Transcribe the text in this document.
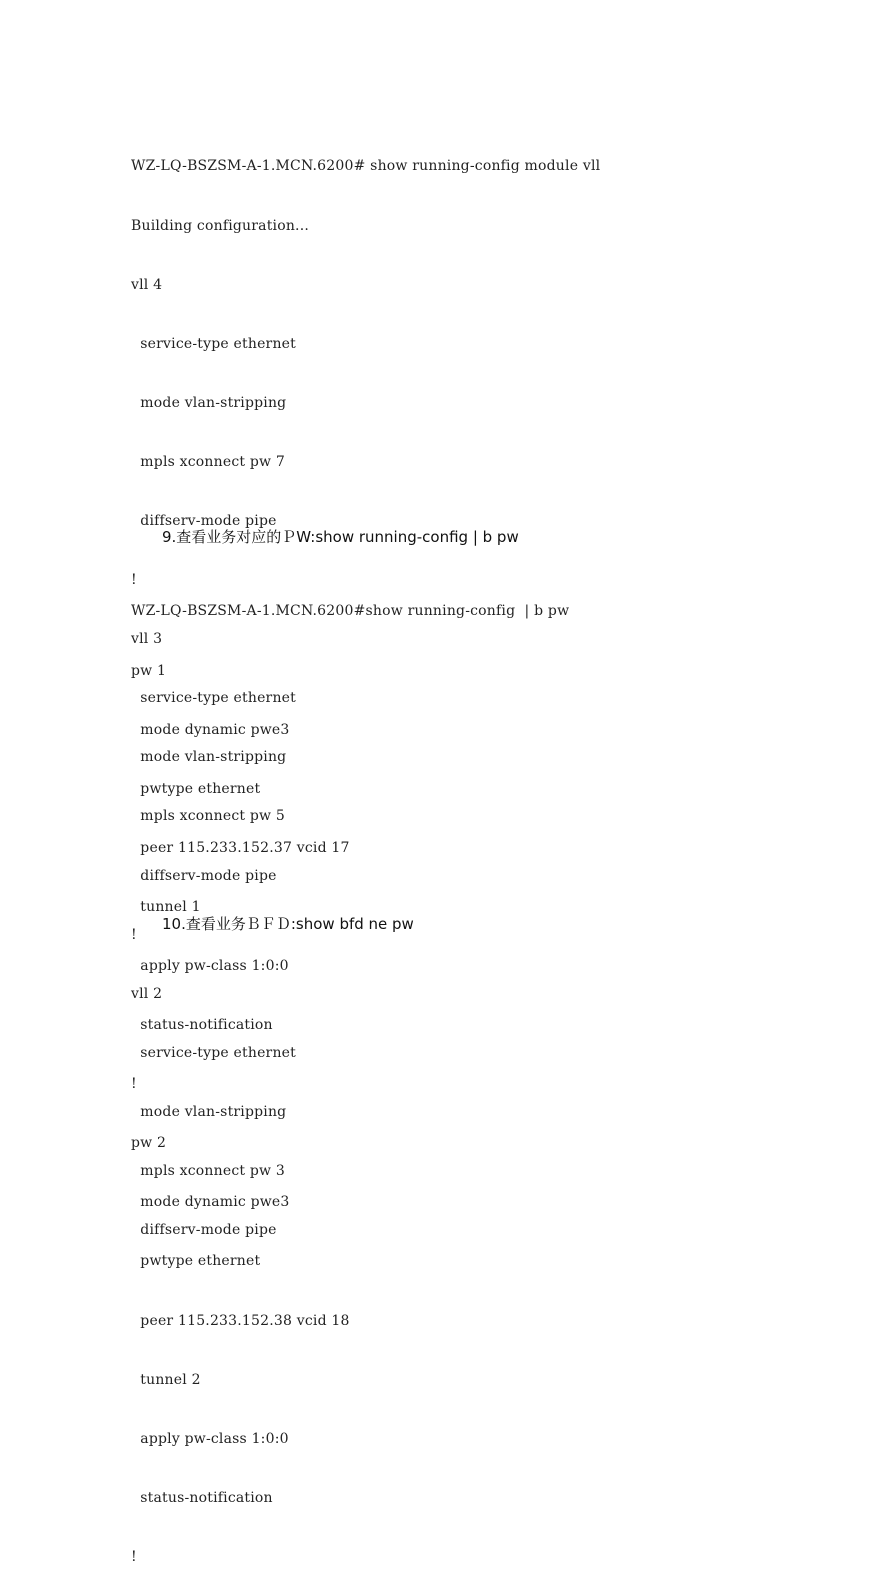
WZ-LQ-BSZSM-A-1.MCN.6200# show running-config module vll

Building configuration...

vll 4

service-type ethernet

mode vlan-stripping

mpls xconnect pw 7

diffserv-mode pipe

!

vll 3

service-type ethernet

mode vlan-stripping

mpls xconnect pw 5

diffserv-mode pipe

!

vll 2

service-type ethernet

mode vlan-stripping

mpls xconnect pw 3

diffserv-mode pipe

9.查看业务对应的ＰW:show running-config | b pw

WZ-LQ-BSZSM-A-1.MCN.6200#show running-config  | b pw

pw 1

mode dynamic pwe3

pwtype ethernet

peer 115.233.152.37 vcid 17

tunnel 1

apply pw-class 1:0:0

status-notification

!

pw 2

mode dynamic pwe3

pwtype ethernet

peer 115.233.152.38 vcid 18

tunnel 2

apply pw-class 1:0:0

status-notification

!

10.查看业务ＢＦＤ:show bfd ne pw
